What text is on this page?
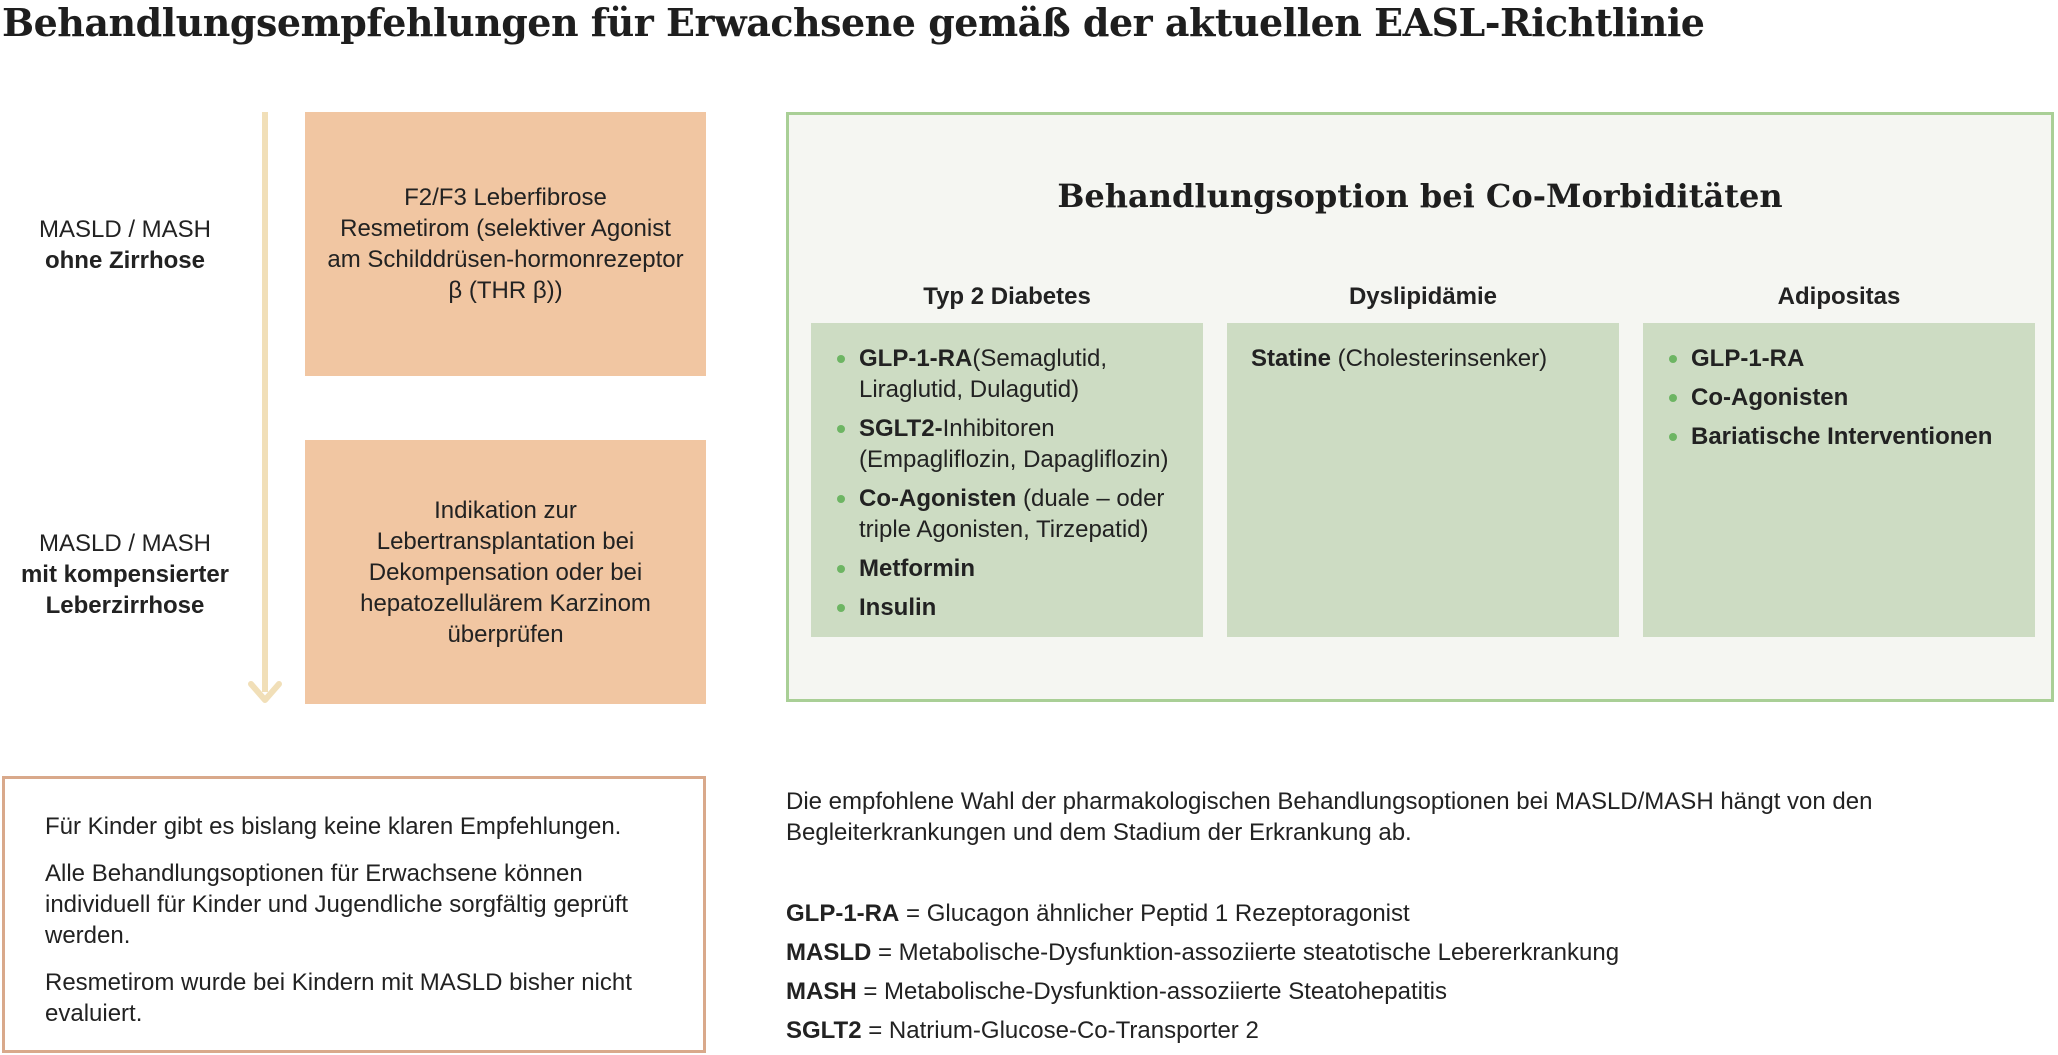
Behandlungsempfehlungen für Erwachsene gemäß der aktuellen EASL-Richtlinie
MASLD / MASH
ohne Zirrhose
MASLD / MASH
mit kompensierter Leberzirrhose
F2/F3 Leberfibrose
Resmetirom (selektiver Agonist am Schilddrüsen-hormonrezeptor β (THR β))
Indikation zur Lebertransplantation bei Dekompensation oder bei hepatozellulärem Karzinom überprüfen
Behandlungsoption bei Co-Morbiditäten
Typ 2 Diabetes	Dyslipidämie	Adipositas
GLP-1-RA(Semaglutid, Liraglutid, Dulagutid)
SGLT2-Inhibitoren (Empagliflozin, Dapagliflozin)
Co-Agonisten (duale – oder triple Agonisten, Tirzepatid)
Metformin
Insulin
Statine (Cholesterinsenker)	GLP-1-RA
Co-Agonisten
Bariatische Interventionen

Für Kinder gibt es bislang keine klaren Empfehlungen.

Alle Behandlungsoptionen für Erwachsene können individuell für Kinder und Jugendliche sorgfältig geprüft werden.

Resmetirom wurde bei Kindern mit MASLD bisher nicht evaluiert.

Die empfohlene Wahl der pharmakologischen Behandlungsoptionen bei MASLD/MASH hängt von den Begleiterkrankungen und dem Stadium der Erkrankung ab.
GLP-1-RA = Glucagon ähnlicher Peptid 1 Rezeptoragonist
MASLD = Metabolische-Dysfunktion-assoziierte steatotische Lebererkrankung
MASH = Metabolische-Dysfunktion-assoziierte Steatohepatitis
SGLT2 = Natrium-Glucose-Co-Transporter 2
